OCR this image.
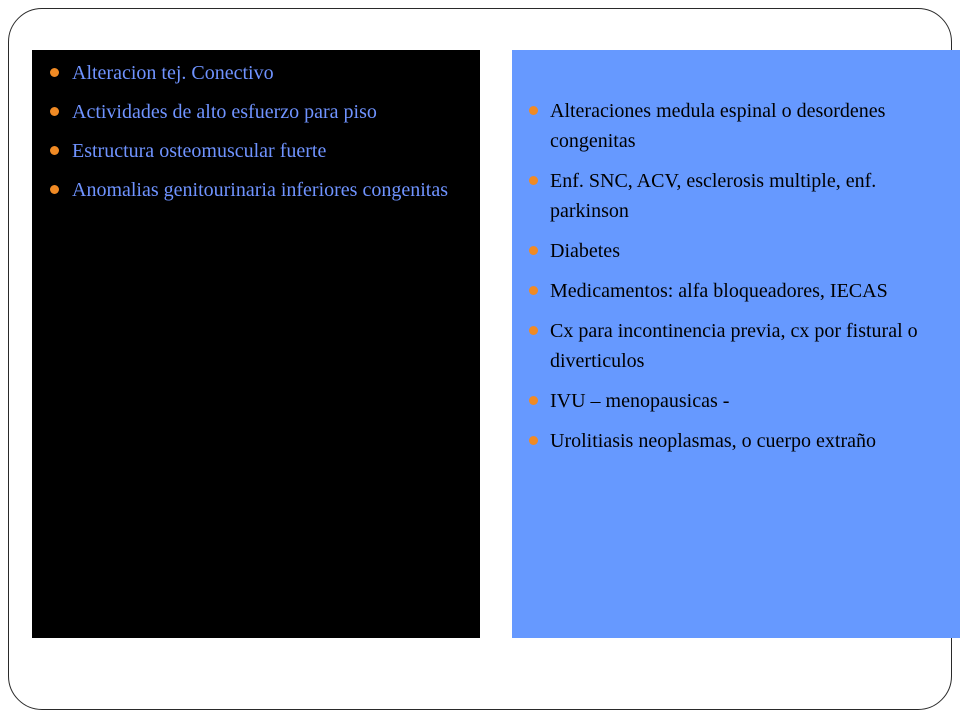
Alteracion tej. Conectivo
Actividades de alto esfuerzo para piso
Estructura osteomuscular fuerte
Anomalias genitourinaria inferiores congenitas
Alteraciones medula espinal o desordenes congenitas
Enf. SNC, ACV, esclerosis multiple, enf. parkinson
Diabetes
Medicamentos: alfa bloqueadores, IECAS
Cx para incontinencia previa, cx por fistural o diverticulos
IVU – menopausicas -
Urolitiasis neoplasmas, o cuerpo extraño
